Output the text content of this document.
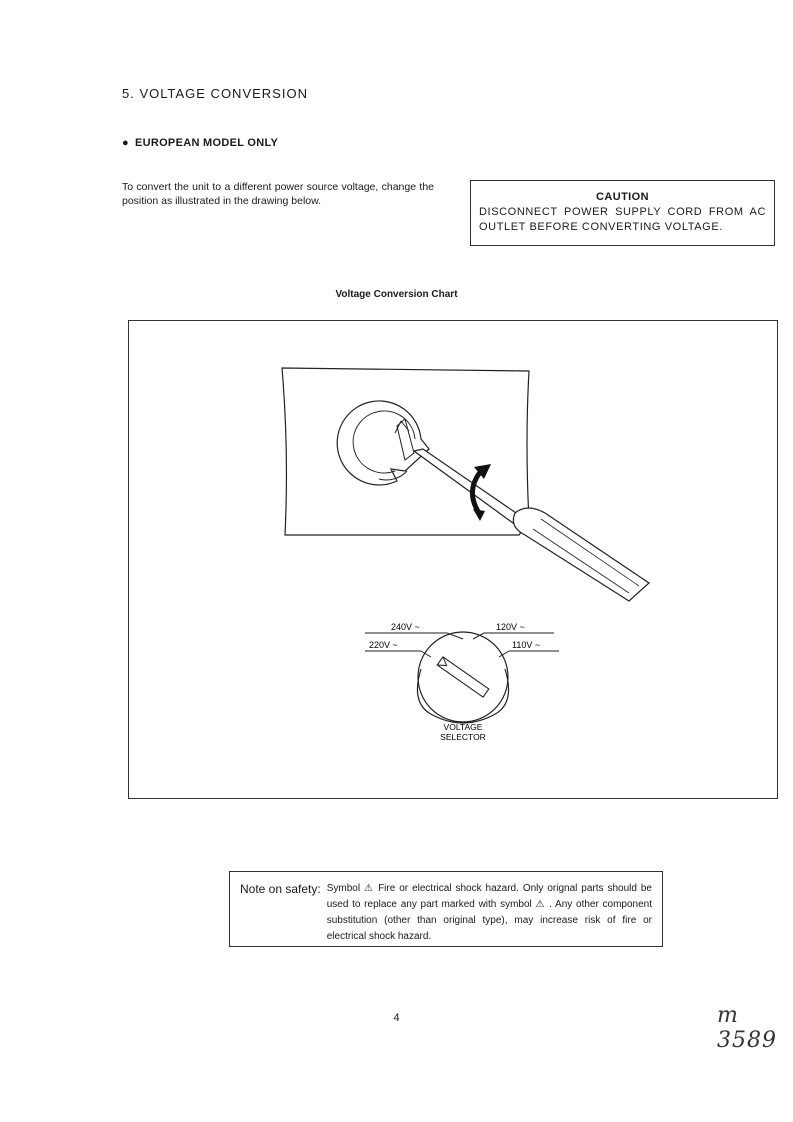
5. VOLTAGE CONVERSION
● EUROPEAN MODEL ONLY
To convert the unit to a different power source voltage, change the position as illustrated in the drawing below.	CAUTION
DISCONNECT POWER SUPPLY CORD FROM AC OUTLET BEFORE CONVERTING VOLTAGE.
Voltage Conversion Chart
240V ~	120V ~
220V ~	110V ~
VOLTAGE
SELECTOR
Note on safety: Symbol ⚠ Fire or electrical shock hazard. Only orignal parts should be used to replace any part marked with symbol ⚠ . Any other component substitution (other than original type), may increase risk of fire or electrical shock hazard.
4	m 3589
